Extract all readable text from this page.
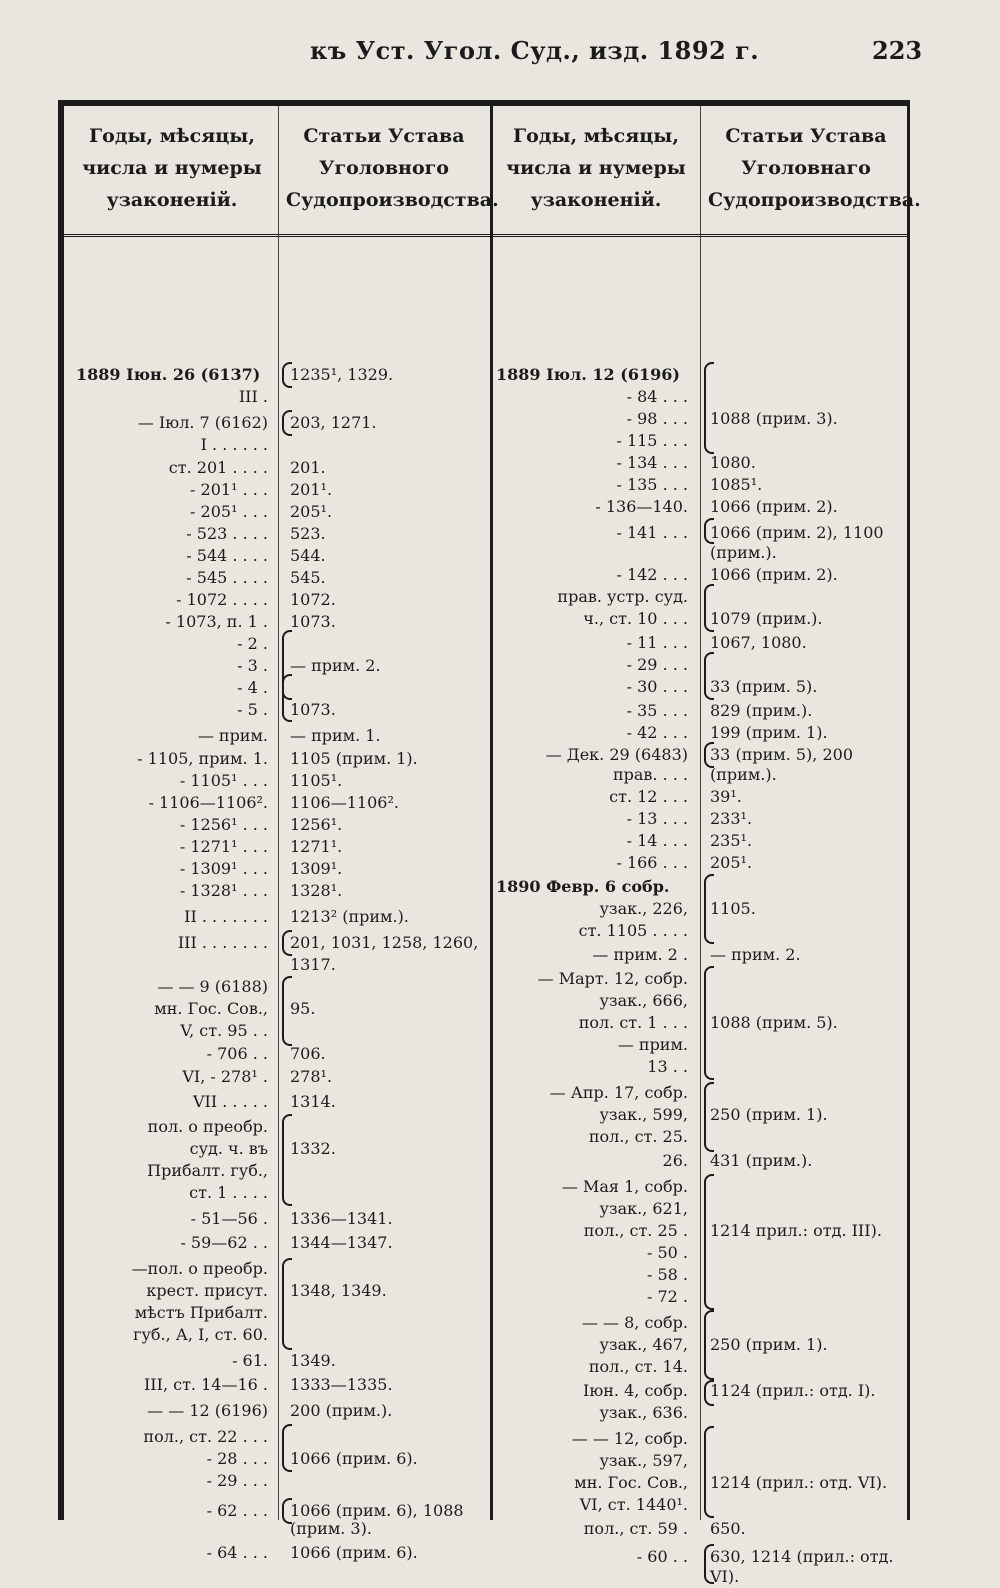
къ Уст. Угол. Суд., изд. 1892 г.	223
Годы, мѣсяцы, числа и нумеры узаконеній.
Статьи Устава Уголовного Судопроизводства.
Годы, мѣсяцы, числа и нумеры узаконеній.
Статьи Устава Уголовнаго Судопроизводства.
1889 Іюн. 26 (6137)	1235¹, 1329.
III .
— Іюл. 7 (6162) 203, 1271.
I . . . . . .
ст. 201 . . . . 201.
- 201¹ . . . 201¹.
- 205¹ . . . 205¹.
- 523 . . . . 523.
- 544 . . . . 544.
- 545 . . . . 545.
- 1072 . . . . 1072.
- 1073, п. 1 . 1073.
- 2 .
- 3 . — прим. 2.
- 4 .
- 5 . 1073.
— прим. — прим. 1.
- 1105, прим. 1. 1105 (прим. 1).
- 1105¹ . . . 1105¹.
- 1106—1106². 1106—1106².
- 1256¹ . . . 1256¹.
- 1271¹ . . . 1271¹.
- 1309¹ . . . 1309¹.
- 1328¹ . . . 1328¹.
II . . . . . . . 1213² (прим.).
III . . . . . . . 201, 1031, 1258, 1260,
1317.
— — 9 (6188)
мн. Гос. Сов., 95.
V, ст. 95 . .
- 706 . . 706.
VI, - 278¹ . 278¹.
VII . . . . . 1314.
пол. о преобр.
суд. ч. въ 1332.
Прибалт. губ.,
ст. 1 . . . .
- 51—56 . 1336—1341.
- 59—62 . . 1344—1347.
—пол. о преобр.
крест. присут. 1348, 1349.
мѣстъ Прибалт.
губ., А, I, ст. 60.
- 61. 1349.
III, ст. 14—16 . 1333—1335.
— — 12 (6196) 200 (прим.).
пол., ст. 22 . . .
- 28 . . . 1066 (прим. 6).
- 29 . . .
- 62 . . . 1066 (прим. 6), 1088
(прим. 3).
- 64 . . . 1066 (прим. 6).
1889 Іюл. 12 (6196)
- 84 . . .
- 98 . . . 1088 (прим. 3).
- 115 . . .
- 134 . . . 1080.
- 135 . . . 1085¹.
- 136—140. 1066 (прим. 2).
- 141 . . . 1066 (прим. 2), 1100
(прим.).
- 142 . . . 1066 (прим. 2).
прав. устр. суд.
ч., ст. 10 . . . 1079 (прим.).
- 11 . . . 1067, 1080.
- 29 . . .
- 30 . . . 33 (прим. 5).
- 35 . . . 829 (прим.).
- 42 . . . 199 (прим. 1).
— Дек. 29 (6483) 33 (прим. 5), 200
прав. . . . (прим.).
ст. 12 . . . 39¹.
- 13 . . . 233¹.
- 14 . . . 235¹.
- 166 . . . 205¹.
1890 Февр. 6 собр.
узак., 226, 1105.
ст. 1105 . . . .
— прим. 2 . — прим. 2.
— Март. 12, собр.
узак., 666,
пол. ст. 1 . . . 1088 (прим. 5).
— прим.
13 . .
— Апр. 17, собр.
узак., 599, 250 (прим. 1).
пол., ст. 25.
26. 431 (прим.).
— Мая 1, собр.
узак., 621,
пол., ст. 25 . 1214 прил.: отд. III).
- 50 .
- 58 .
- 72 .
— — 8, собр.
узак., 467, 250 (прим. 1).
пол., ст. 14.
Іюн. 4, собр. 1124 (прил.: отд. I).
узак., 636.
— — 12, собр.
узак., 597,
мн. Гос. Сов., 1214 (прил.: отд. VI).
VI, ст. 1440¹.
пол., ст. 59 . 650.
- 60 . . 630, 1214 (прил.: отд.
VI).
